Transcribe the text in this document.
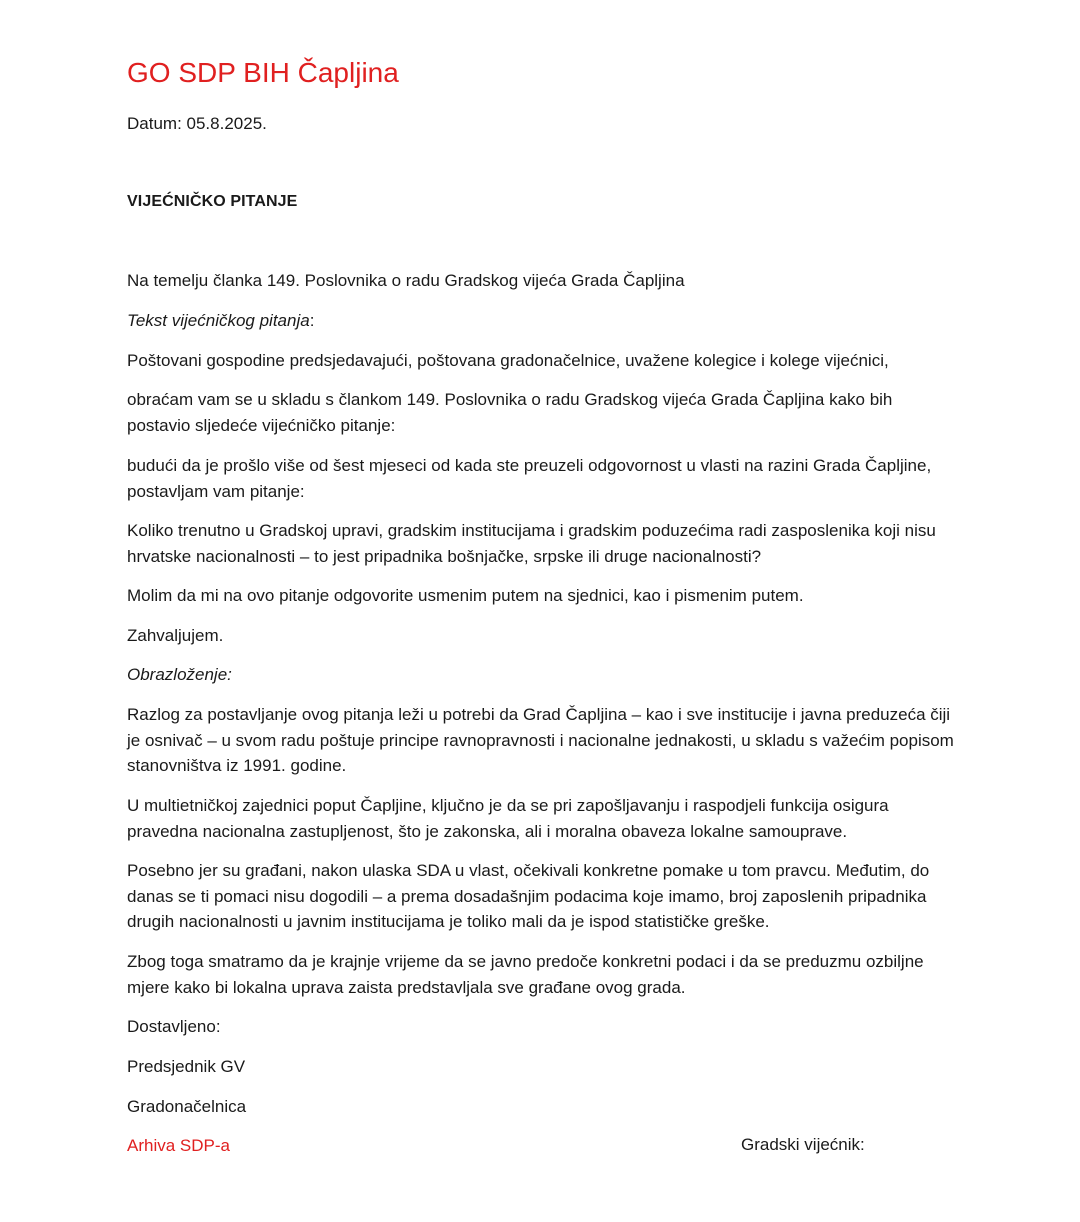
GO SDP BIH Čapljina
Datum: 05.8.2025.
VIJEĆNIČKO PITANJE

Na temelju članka 149. Poslovnika o radu Gradskog vijeća Grada Čapljina

Tekst vijećničkog pitanja:

Poštovani gospodine predsjedavajući, poštovana gradonačelnice, uvažene kolegice i kolege vijećnici,

obraćam vam se u skladu s člankom 149. Poslovnika o radu Gradskog vijeća Grada Čapljina kako bih postavio sljedeće vijećničko pitanje:

budući da je prošlo više od šest mjeseci od kada ste preuzeli odgovornost u vlasti na razini Grada Čapljine, postavljam vam pitanje:

Koliko trenutno u Gradskoj upravi, gradskim institucijama i gradskim poduzećima radi zasposlenika koji nisu hrvatske nacionalnosti – to jest pripadnika bošnjačke, srpske ili druge nacionalnosti?

Molim da mi na ovo pitanje odgovorite usmenim putem na sjednici, kao i pismenim putem.

Zahvaljujem.

Obrazloženje:

Razlog za postavljanje ovog pitanja leži u potrebi da Grad Čapljina – kao i sve institucije i javna preduzeća čiji je osnivač – u svom radu poštuje principe ravnopravnosti i nacionalne jednakosti, u skladu s važećim popisom stanovništva iz 1991. godine.

U multietničkoj zajednici poput Čapljine, ključno je da se pri zapošljavanju i raspodjeli funkcija osigura pravedna nacionalna zastupljenost, što je zakonska, ali i moralna obaveza lokalne samouprave.

Posebno jer su građani, nakon ulaska SDA u vlast, očekivali konkretne pomake u tom pravcu. Međutim, do danas se ti pomaci nisu dogodili – a prema dosadašnjim podacima koje imamo, broj zaposlenih pripadnika drugih nacionalnosti u javnim institucijama je toliko mali da je ispod statističke greške.

Zbog toga smatramo da je krajnje vrijeme da se javno predoče konkretni podaci i da se preduzmu ozbiljne mjere kako bi lokalna uprava zaista predstavljala sve građane ovog grada.

Dostavljeno:

Predsjednik GV

Gradonačelnica

Arhiva SDP-a	Gradski vijećnik:
